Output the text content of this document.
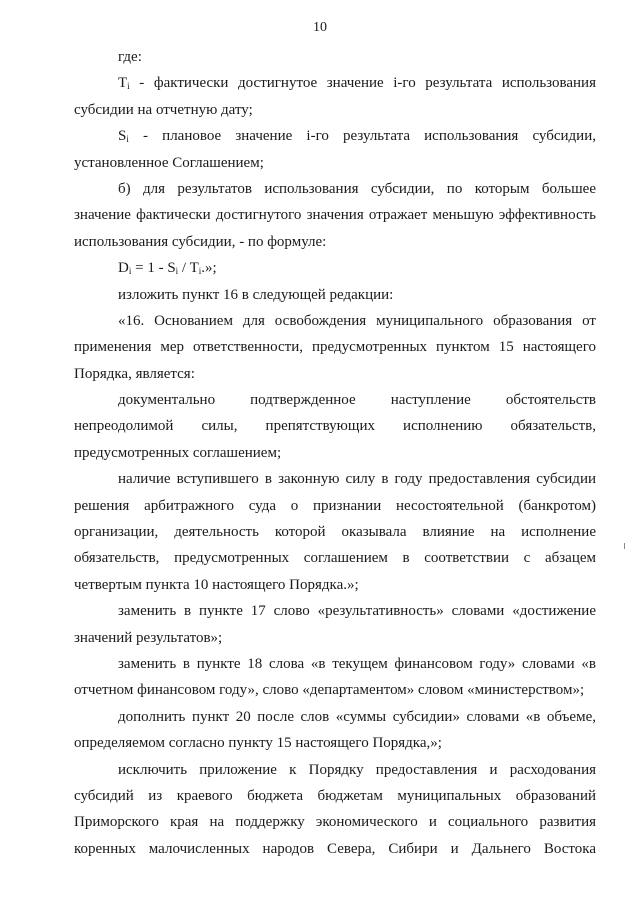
10
где:
$T_i$ - фактически достигнутое значение i-го результата использования
субсидии на отчетную дату;
$S_i$ - плановое значение i-го результата использования субсидии,
установленное Соглашением;
б) для результатов использования субсидии, по которым большее
значение фактически достигнутого значения отражает меньшую эффективность
использования субсидии, - по формуле:
$D_i = 1 - S_i / T_i$.»;
изложить пункт 16 в следующей редакции:
«16. Основанием для освобождения муниципального образования от
применения мер ответственности, предусмотренных пунктом 15 настоящего
Порядка, является:
документально подтвержденное наступление обстоятельств
непреодолимой силы, препятствующих исполнению обязательств,
предусмотренных соглашением;
наличие вступившего в законную силу в году предоставления субсидии
решения арбитражного суда о признании несостоятельной (банкротом)
организации, деятельность которой оказывала влияние на исполнение
обязательств, предусмотренных соглашением в соответствии с абзацем
четвертым пункта 10 настоящего Порядка.»;
заменить в пункте 17 слово «результативность» словами «достижение
значений результатов»;
заменить в пункте 18 слова «в текущем финансовом году» словами «в
отчетном финансовом году», слово «департаментом» словом «министерством»;
дополнить пункт 20 после слов «суммы субсидии» словами «в объеме,
определяемом согласно пункту 15 настоящего Порядка,»;
исключить приложение к Порядку предоставления и расходования
субсидий из краевого бюджета бюджетам муниципальных образований
Приморского края на поддержку экономического и социального развития
коренных малочисленных народов Севера, Сибири и Дальнего Востока
